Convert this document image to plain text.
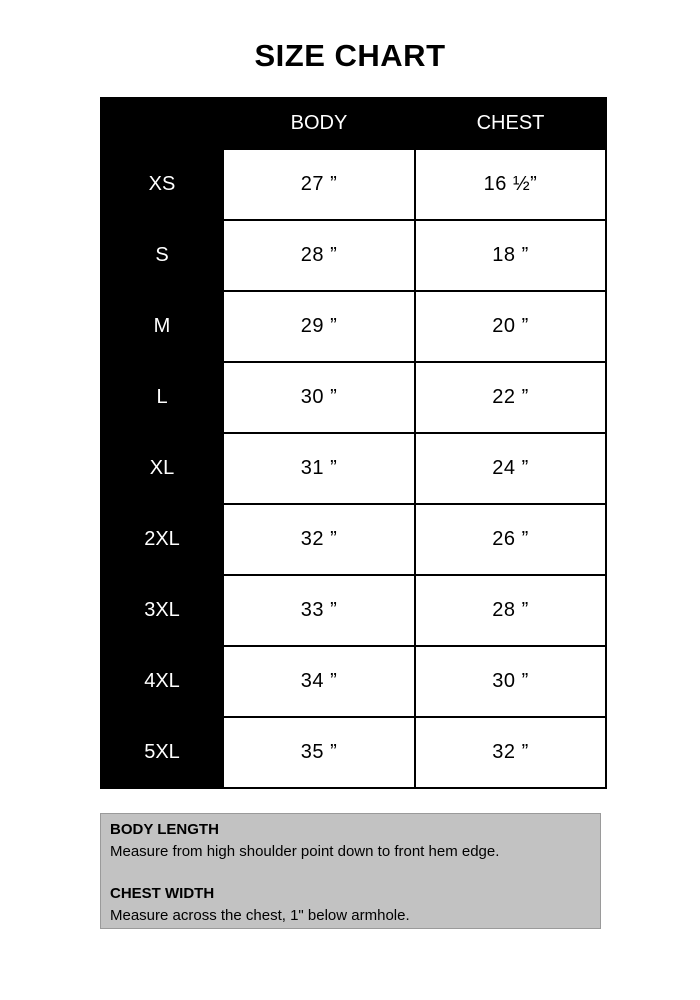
SIZE CHART
	BODY	CHEST
XS	27 ”	16 ½”
S	28 ”	18 ”
M	29 ”	20 ”
L	30 ”	22 ”
XL	31 ”	24 ”
2XL	32 ”	26 ”
3XL	33 ”	28 ”
4XL	34 ”	30 ”
5XL	35 ”	32 ”
BODY LENGTH
Measure from high shoulder point down to front hem edge.
CHEST WIDTH
Measure across the chest, 1" below armhole.
